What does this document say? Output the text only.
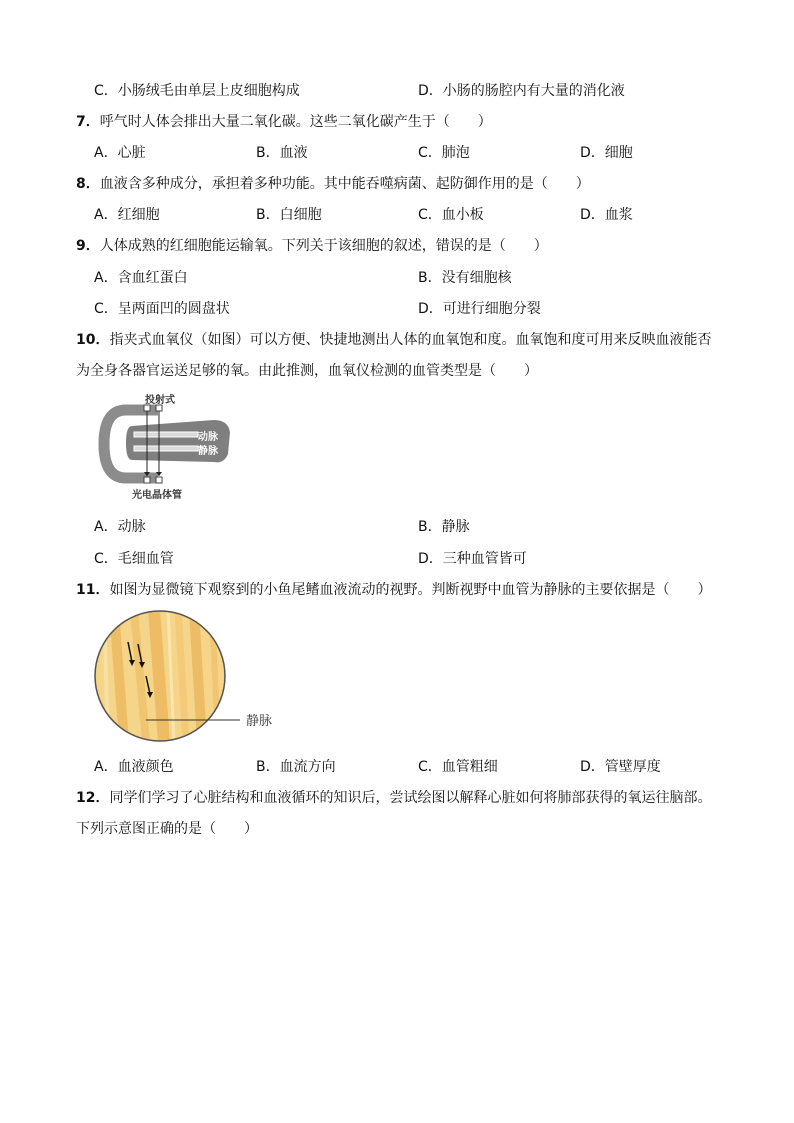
C．小肠绒毛由单层上皮细胞构成	D．小肠的肠腔内有大量的消化液
7．呼气时人体会排出大量二氧化碳。这些二氧化碳产生于（　　）
A．心脏	B．血液	C．肺泡	D．细胞
8．血液含多种成分，承担着多种功能。其中能吞噬病菌、起防御作用的是（　　）
A．红细胞	B．白细胞	C．血小板	D．血浆
9．人体成熟的红细胞能运输氧。下列关于该细胞的叙述，错误的是（　　）
A．含血红蛋白	B．没有细胞核
C．呈两面凹的圆盘状	D．可进行细胞分裂
10．指夹式血氧仪（如图）可以方便、快捷地测出人体的血氧饱和度。血氧饱和度可用来反映血液能否
为全身各器官运送足够的氧。由此推测，血氧仪检测的血管类型是（　　）
投射式
动脉
静脉
光电晶体管
A．动脉	B．静脉
C．毛细血管	D．三种血管皆可
11．如图为显微镜下观察到的小鱼尾鳍血液流动的视野。判断视野中血管为静脉的主要依据是（　　）
静脉
A．血液颜色	B．血流方向	C．血管粗细	D．管壁厚度
12．同学们学习了心脏结构和血液循环的知识后，尝试绘图以解释心脏如何将肺部获得的氧运往脑部。
下列示意图正确的是（　　）
